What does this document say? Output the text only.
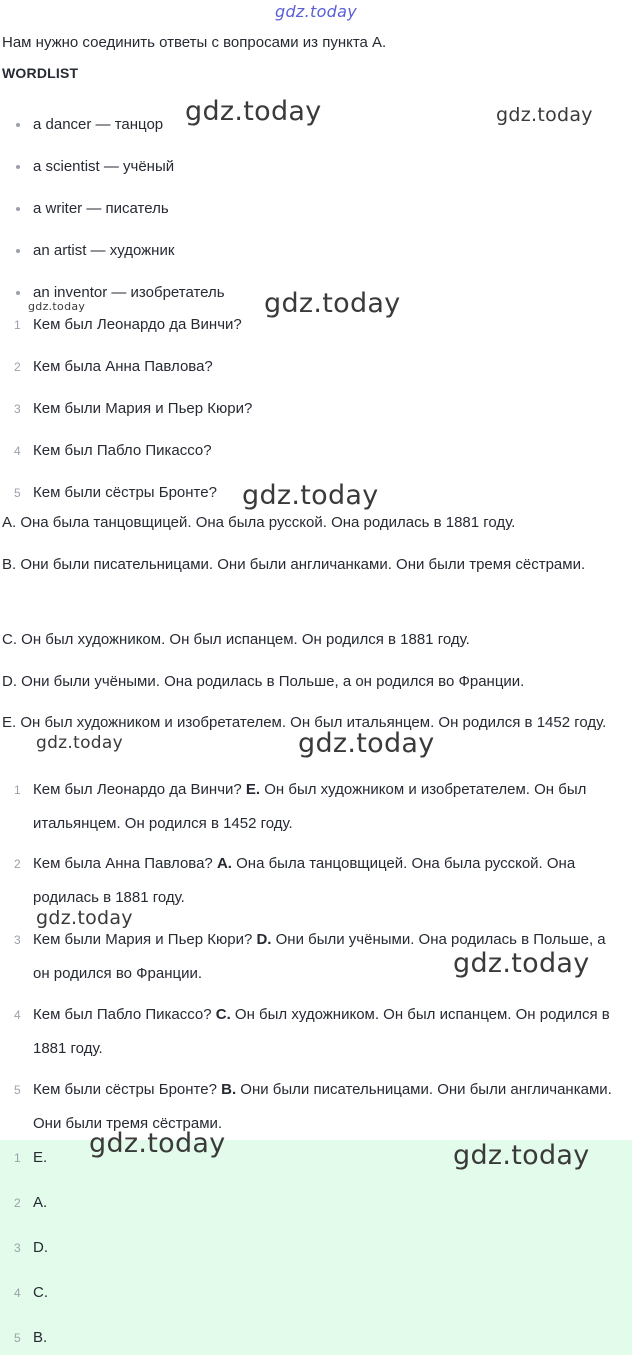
gdz.today
Нам нужно соединить ответы с вопросами из пункта А.
WORDLIST
a dancer — танцор
a scientist — учёный
a writer — писатель
an artist — художник
an inventor — изобретатель
1 Кем был Леонардо да Винчи?
2 Кем была Анна Павлова?
3 Кем были Мария и Пьер Кюри?
4 Кем был Пабло Пикассо?
5 Кем были сёстры Бронте?
A. Она была танцовщицей. Она была русской. Она родилась в 1881 году.
B. Они были писательницами. Они были англичанками. Они были тремя сёстрами.
C. Он был художником. Он был испанцем. Он родился в 1881 году.
D. Они были учёными. Она родилась в Польше, а он родился во Франции.
E. Он был художником и изобретателем. Он был итальянцем. Он родился в 1452 году.
1 Кем был Леонардо да Винчи? E. Он был художником и изобретателем. Он был итальянцем. Он родился в 1452 году.
2 Кем была Анна Павлова? A. Она была танцовщицей. Она была русской. Она родилась в 1881 году.
3 Кем были Мария и Пьер Кюри? D. Они были учёными. Она родилась в Польше, а он родился во Франции.
4 Кем был Пабло Пикассо? C. Он был художником. Он был испанцем. Он родился в 1881 году.
5 Кем были сёстры Бронте? B. Они были писательницами. Они были англичанками. Они были тремя сёстрами.
1 E.
2 A.
3 D.
4 C.
5 B.
gdz.today	gdz.today
gdz.today	gdz.today
gdz.today
gdz.today	gdz.today
gdz.today
gdz.today
gdz.today	gdz.today
